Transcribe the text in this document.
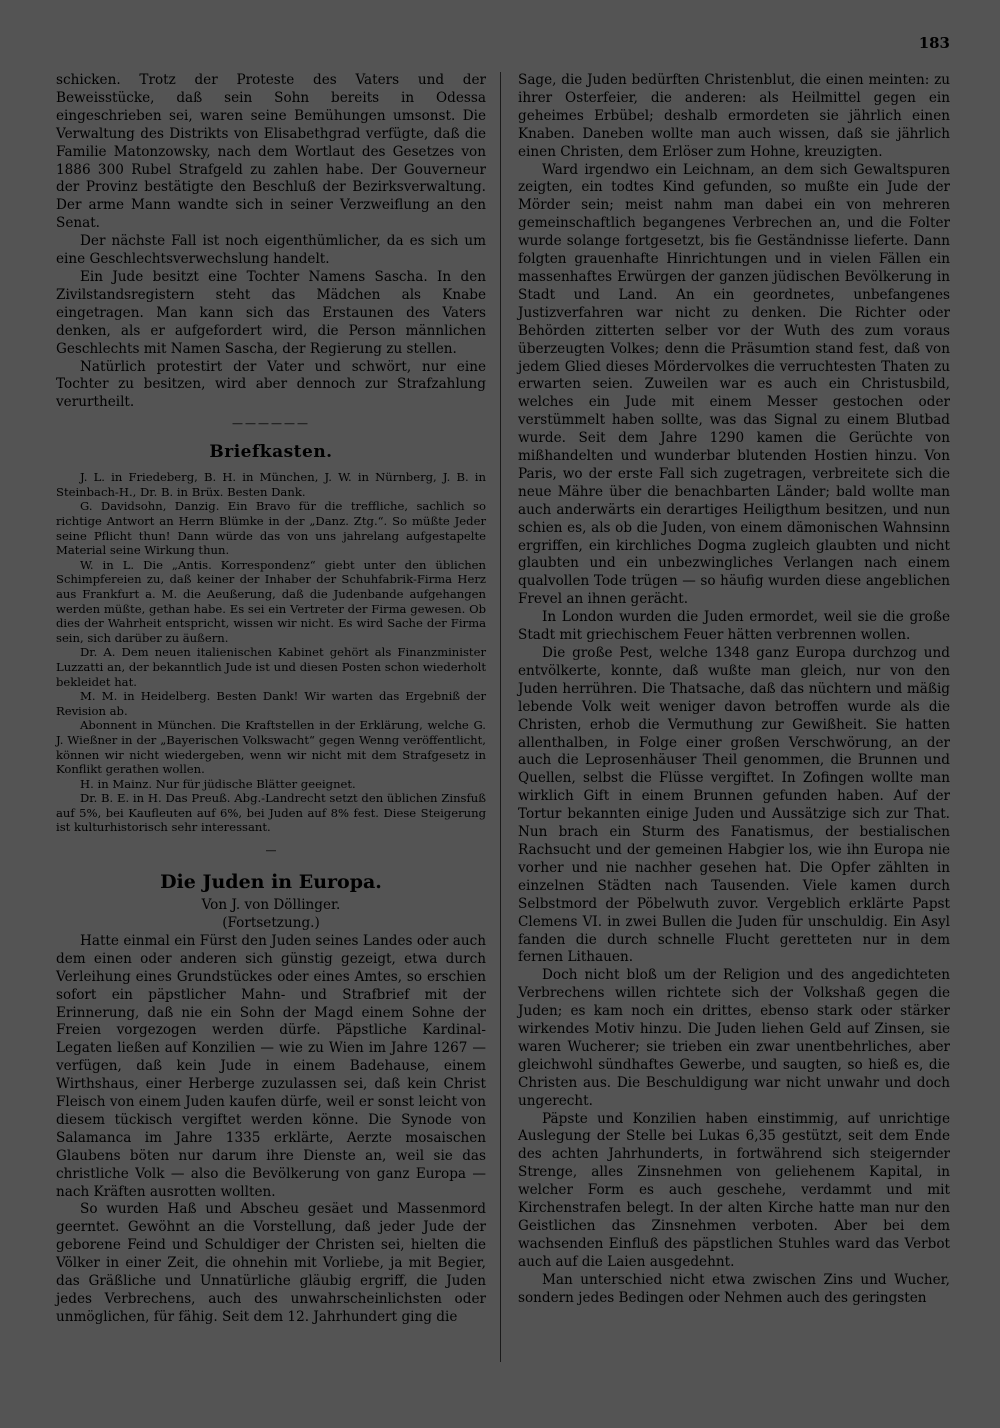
183

schicken. Trotz der Proteste des Vaters und der Beweisstücke, daß sein Sohn bereits in Odessa eingeschrieben sei, waren seine Bemühungen umsonst. Die Verwaltung des Distrikts von Elisabethgrad verfügte, daß die Familie Matonzowsky, nach dem Wortlaut des Gesetzes von 1886 300 Rubel Strafgeld zu zahlen habe. Der Gouverneur der Provinz bestätigte den Beschluß der Bezirksverwaltung. Der arme Mann wandte sich in seiner Verzweiflung an den Senat.

Der nächste Fall ist noch eigenthümlicher, da es sich um eine Geschlechtsverwechslung handelt.

Ein Jude besitzt eine Tochter Namens Sascha. In den Zivilstandsregistern steht das Mädchen als Knabe eingetragen. Man kann sich das Erstaunen des Vaters denken, als er aufgefordert wird, die Person männlichen Geschlechts mit Namen Sascha, der Regierung zu stellen.

Natürlich protestirt der Vater und schwört, nur eine Tochter zu besitzen, wird aber dennoch zur Strafzahlung verurtheilt.

——————
Briefkasten.

J. L. in Friedeberg, B. H. in München, J. W. in Nürnberg, J. B. in Steinbach-H., Dr. B. in Brüx. Besten Dank.

G. Davidsohn, Danzig. Ein Bravo für die treffliche, sachlich so richtige Antwort an Herrn Blümke in der „Danz. Ztg.“. So müßte Jeder seine Pflicht thun! Dann würde das von uns jahrelang aufgestapelte Material seine Wirkung thun.

W. in L. Die „Antis. Korrespondenz“ giebt unter den üblichen Schimpfereien zu, daß keiner der Inhaber der Schuhfabrik-Firma Herz aus Frankfurt a. M. die Aeußerung, daß die Judenbande aufgehangen werden müßte, gethan habe. Es sei ein Vertreter der Firma gewesen. Ob dies der Wahrheit entspricht, wissen wir nicht. Es wird Sache der Firma sein, sich darüber zu äußern.

Dr. A. Dem neuen italienischen Kabinet gehört als Finanzminister Luzzatti an, der bekanntlich Jude ist und diesen Posten schon wiederholt bekleidet hat.

M. M. in Heidelberg. Besten Dank! Wir warten das Ergebniß der Revision ab.

Abonnent in München. Die Kraftstellen in der Erklärung, welche G. J. Wießner in der „Bayerischen Volkswacht“ gegen Wenng veröffentlicht, können wir nicht wiedergeben, wenn wir nicht mit dem Strafgesetz in Konflikt gerathen wollen.

H. in Mainz. Nur für jüdische Blätter geeignet.

Dr. B. E. in H. Das Preuß. Abg.-Landrecht setzt den üblichen Zinsfuß auf 5%, bei Kaufleuten auf 6%, bei Juden auf 8% fest. Diese Steigerung ist kulturhistorisch sehr interessant.

—
Die Juden in Europa.

Von J. von Döllinger.

(Fortsetzung.)

Hatte einmal ein Fürst den Juden seines Landes oder auch dem einen oder anderen sich günstig gezeigt, etwa durch Verleihung eines Grundstückes oder eines Amtes, so erschien sofort ein päpstlicher Mahn- und Strafbrief mit der Erinnerung, daß nie ein Sohn der Magd einem Sohne der Freien vorgezogen werden dürfe. Päpstliche Kardinal-Legaten ließen auf Konzilien — wie zu Wien im Jahre 1267 — verfügen, daß kein Jude in einem Badehause, einem Wirthshaus, einer Herberge zuzulassen sei, daß kein Christ Fleisch von einem Juden kaufen dürfe, weil er sonst leicht von diesem tückisch vergiftet werden könne. Die Synode von Salamanca im Jahre 1335 erklärte, Aerzte mosaischen Glaubens böten nur darum ihre Dienste an, weil sie das christliche Volk — also die Bevölkerung von ganz Europa — nach Kräften ausrotten wollten.

So wurden Haß und Abscheu gesäet und Massenmord geerntet. Gewöhnt an die Vorstellung, daß jeder Jude der geborene Feind und Schuldiger der Christen sei, hielten die Völker in einer Zeit, die ohnehin mit Vorliebe, ja mit Begier, das Gräßliche und Unnatürliche gläubig ergriff, die Juden jedes Verbrechens, auch des unwahrscheinlichsten oder unmöglichen, für fähig. Seit dem 12. Jahrhundert ging die

Sage, die Juden bedürften Christenblut, die einen meinten: zu ihrer Osterfeier, die anderen: als Heilmittel gegen ein geheimes Erbübel; deshalb ermordeten sie jährlich einen Knaben. Daneben wollte man auch wissen, daß sie jährlich einen Christen, dem Erlöser zum Hohne, kreuzigten.

Ward irgendwo ein Leichnam, an dem sich Gewaltspuren zeigten, ein todtes Kind gefunden, so mußte ein Jude der Mörder sein; meist nahm man dabei ein von mehreren gemeinschaftlich begangenes Verbrechen an, und die Folter wurde solange fortgesetzt, bis fie Geständnisse lieferte. Dann folgten grauenhafte Hinrichtungen und in vielen Fällen ein massenhaftes Erwürgen der ganzen jüdischen Bevölkerung in Stadt und Land. An ein geordnetes, unbefangenes Justizverfahren war nicht zu denken. Die Richter oder Behörden zitterten selber vor der Wuth des zum voraus überzeugten Volkes; denn die Präsumtion stand fest, daß von jedem Glied dieses Mördervolkes die verruchtesten Thaten zu erwarten seien. Zuweilen war es auch ein Christusbild, welches ein Jude mit einem Messer gestochen oder verstümmelt haben sollte, was das Signal zu einem Blutbad wurde. Seit dem Jahre 1290 kamen die Gerüchte von mißhandelten und wunderbar blutenden Hostien hinzu. Von Paris, wo der erste Fall sich zugetragen, verbreitete sich die neue Mähre über die benachbarten Länder; bald wollte man auch anderwärts ein derartiges Heiligthum besitzen, und nun schien es, als ob die Juden, von einem dämonischen Wahnsinn ergriffen, ein kirchliches Dogma zugleich glaubten und nicht glaubten und ein unbezwingliches Verlangen nach einem qualvollen Tode trügen — so häufig wurden diese angeblichen Frevel an ihnen gerächt.

In London wurden die Juden ermordet, weil sie die große Stadt mit griechischem Feuer hätten verbrennen wollen.

Die große Pest, welche 1348 ganz Europa durchzog und entvölkerte, konnte, daß wußte man gleich, nur von den Juden herrühren. Die Thatsache, daß das nüchtern und mäßig lebende Volk weit weniger davon betroffen wurde als die Christen, erhob die Vermuthung zur Gewißheit. Sie hatten allenthalben, in Folge einer großen Verschwörung, an der auch die Leprosenhäuser Theil genommen, die Brunnen und Quellen, selbst die Flüsse vergiftet. In Zofingen wollte man wirklich Gift in einem Brunnen gefunden haben. Auf der Tortur bekannten einige Juden und Aussätzige sich zur That. Nun brach ein Sturm des Fanatismus, der bestialischen Rachsucht und der gemeinen Habgier los, wie ihn Europa nie vorher und nie nachher gesehen hat. Die Opfer zählten in einzelnen Städten nach Tausenden. Viele kamen durch Selbstmord der Pöbelwuth zuvor. Vergeblich erklärte Papst Clemens VI. in zwei Bullen die Juden für unschuldig. Ein Asyl fanden die durch schnelle Flucht geretteten nur in dem fernen Lithauen.

Doch nicht bloß um der Religion und des angedichteten Verbrechens willen richtete sich der Volkshaß gegen die Juden; es kam noch ein drittes, ebenso stark oder stärker wirkendes Motiv hinzu. Die Juden liehen Geld auf Zinsen, sie waren Wucherer; sie trieben ein zwar unentbehrliches, aber gleichwohl sündhaftes Gewerbe, und saugten, so hieß es, die Christen aus. Die Beschuldigung war nicht unwahr und doch ungerecht.

Päpste und Konzilien haben einstimmig, auf unrichtige Auslegung der Stelle bei Lukas 6,35 gestützt, seit dem Ende des achten Jahrhunderts, in fortwährend sich steigernder Strenge, alles Zinsnehmen von geliehenem Kapital, in welcher Form es auch geschehe, verdammt und mit Kirchenstrafen belegt. In der alten Kirche hatte man nur den Geistlichen das Zinsnehmen verboten. Aber bei dem wachsenden Einfluß des päpstlichen Stuhles ward das Verbot auch auf die Laien ausgedehnt.

Man unterschied nicht etwa zwischen Zins und Wucher, sondern jedes Bedingen oder Nehmen auch des geringsten
